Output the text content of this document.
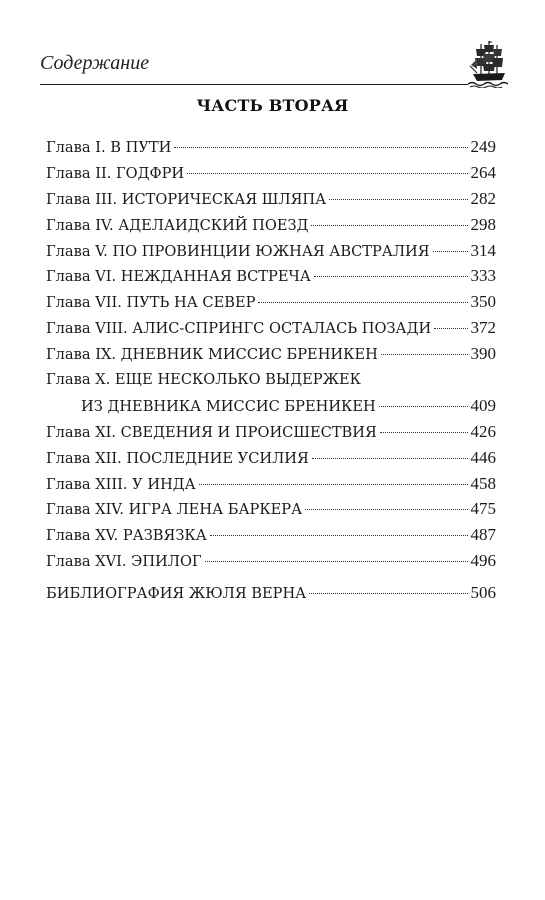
Содержание
ЧАСТЬ ВТОРАЯ
Глава I. В ПУТИ	249
Глава II. ГОДФРИ	264
Глава III. ИСТОРИЧЕСКАЯ ШЛЯПА	282
Глава IV. АДЕЛАИДСКИЙ ПОЕЗД	298
Глава V. ПО ПРОВИНЦИИ ЮЖНАЯ АВСТРАЛИЯ 314
Глава VI. НЕЖДАННАЯ ВСТРЕЧА	333
Глава VII. ПУТЬ НА СЕВЕР	350
Глава VIII. АЛИС-СПРИНГС ОСТАЛАСЬ ПОЗАДИ 372
Глава IX. ДНЕВНИК МИССИС БРЕНИКЕН	390
Глава X. ЕЩЕ НЕСКОЛЬКО ВЫДЕРЖЕК
ИЗ ДНЕВНИКА МИССИС БРЕНИКЕН	409
Глава XI. СВЕДЕНИЯ И ПРОИСШЕСТВИЯ	426
Глава XII. ПОСЛЕДНИЕ УСИЛИЯ	446
Глава XIII. У ИНДА	458
Глава XIV. ИГРА ЛЕНА БАРКЕРА	475
Глава XV. РАЗВЯЗКА	487
Глава XVI. ЭПИЛОГ	496
БИБЛИОГРАФИЯ ЖЮЛЯ ВЕРНА	506
